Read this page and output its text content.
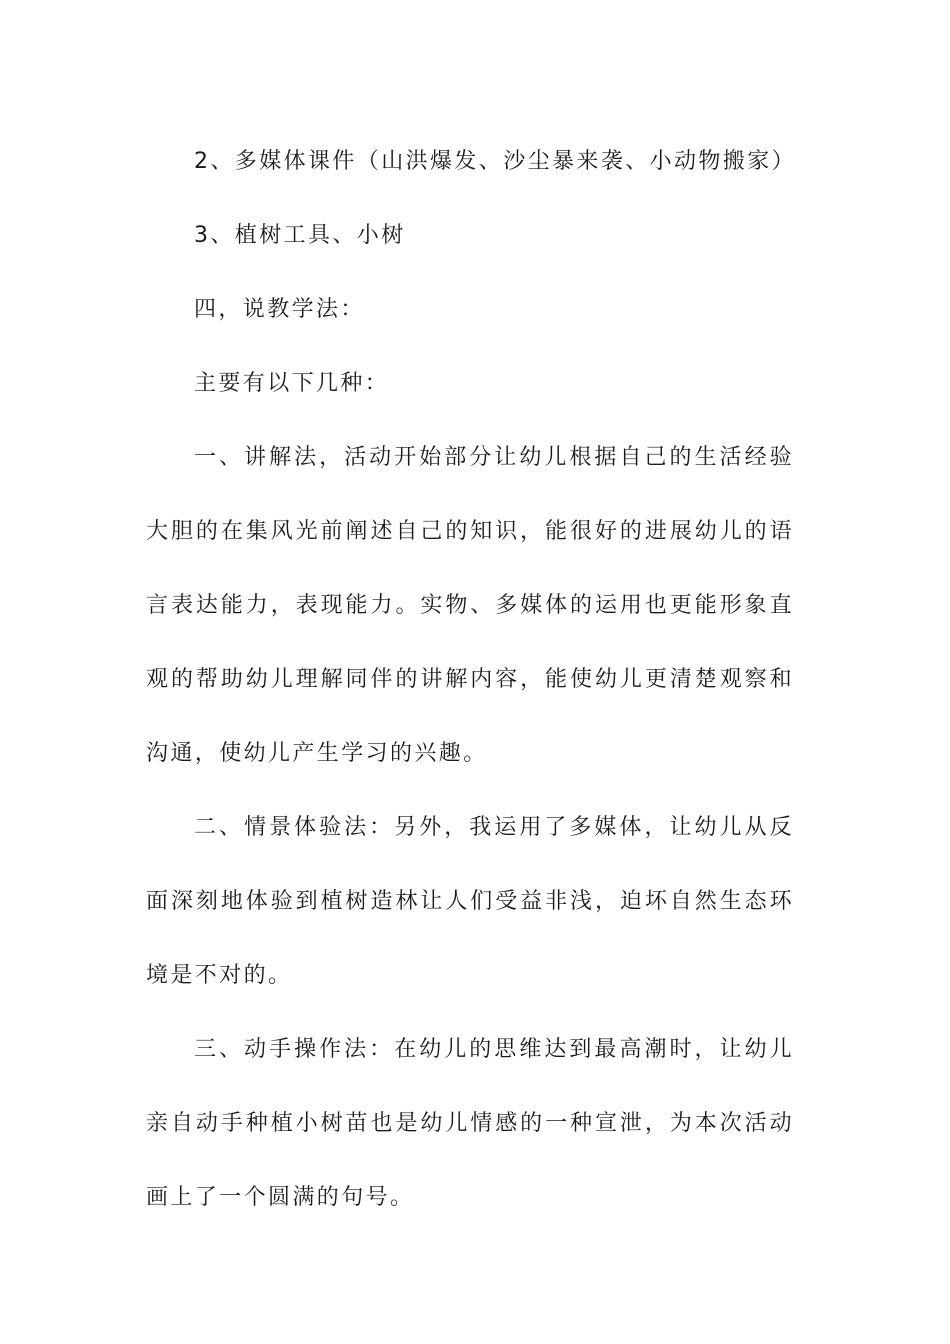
2、多媒体课件（山洪爆发、沙尘暴来袭、小动物搬家）

3、植树工具、小树

四，说教学法：

主要有以下几种：

一、讲解法，活动开始部分让幼儿根据自己的生活经验大胆的在集风光前阐述自己的知识，能很好的进展幼儿的语言表达能力，表现能力。实物、多媒体的运用也更能形象直观的帮助幼儿理解同伴的讲解内容，能使幼儿更清楚观察和沟通，使幼儿产生学习的兴趣。

二、情景体验法：另外，我运用了多媒体，让幼儿从反面深刻地体验到植树造林让人们受益非浅，迫坏自然生态环境是不对的。

三、动手操作法：在幼儿的思维达到最高潮时，让幼儿亲自动手种植小树苗也是幼儿情感的一种宣泄，为本次活动画上了一个圆满的句号。
